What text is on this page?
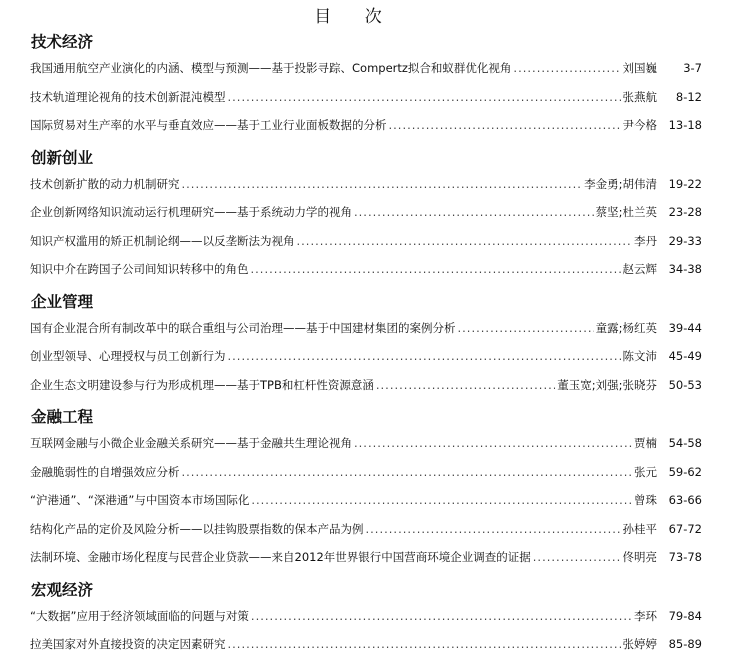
目 次
技术经济
我国通用航空产业演化的内涵、模型与预测——基于投影寻踪、Compertz拟合和蚁群优化视角 .....	刘国巍	3-7
技术轨道理论视角的技术创新混沌模型 .....	张燕航	8-12
国际贸易对生产率的水平与垂直效应——基于工业行业面板数据的分析 .....	尹今格	13-18
创新创业
技术创新扩散的动力机制研究 .....	李金勇;胡伟清	19-22
企业创新网络知识流动运行机理研究——基于系统动力学的视角 .....	蔡坚;杜兰英	23-28
知识产权滥用的矫正机制论纲——以反垄断法为视角 .....	李丹	29-33
知识中介在跨国子公司间知识转移中的角色 .....	赵云辉	34-38
企业管理
国有企业混合所有制改革中的联合重组与公司治理——基于中国建材集团的案例分析 .....	童露;杨红英	39-44
创业型领导、心理授权与员工创新行为 .....	陈文沛	45-49
企业生态文明建设参与行为形成机理——基于TPB和杠杆性资源意涵 .....	董玉宽;刘强;张晓芬	50-53
金融工程
互联网金融与小微企业金融关系研究——基于金融共生理论视角 .....	贾楠	54-58
金融脆弱性的自增强效应分析 .....	张元	59-62
“沪港通”、“深港通”与中国资本市场国际化 .....	曾珠	63-66
结构化产品的定价及风险分析——以挂钩股票指数的保本产品为例 .....	孙桂平	67-72
法制环境、金融市场化程度与民营企业贷款——来自2012年世界银行中国营商环境企业调查的证据 .....	佟明亮	73-78
宏观经济
“大数据”应用于经济领域面临的问题与对策 .....	李环	79-84
拉美国家对外直接投资的决定因素研究 .....	张婷婷	85-89
